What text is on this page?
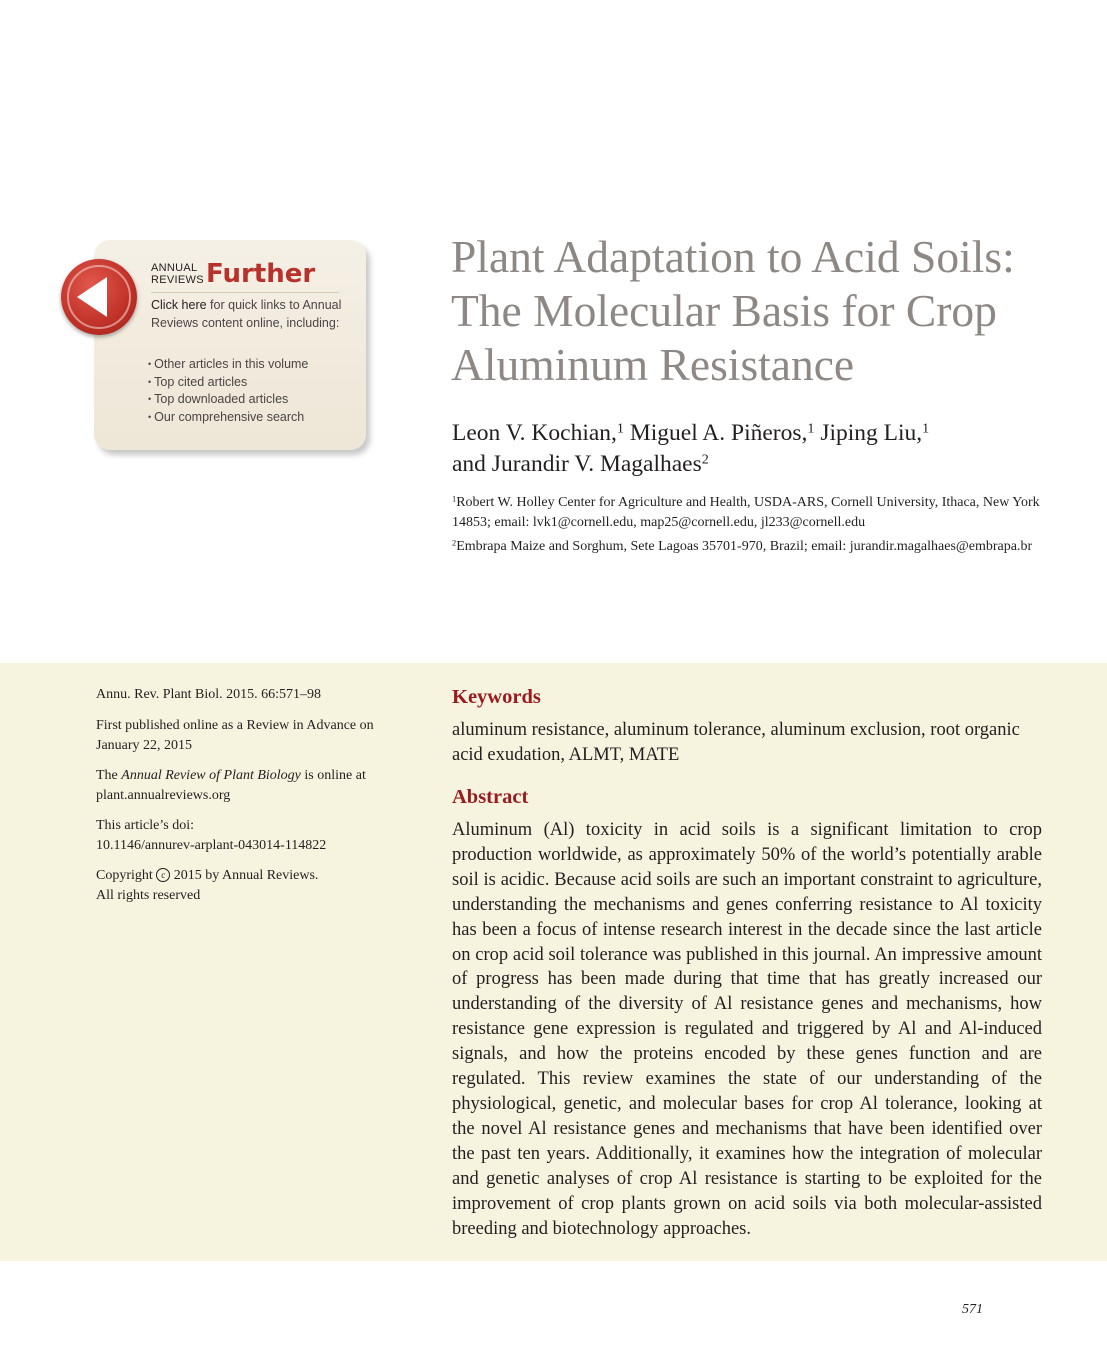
ANNUAL
REVIEWS Further
Click here for quick links to Annual Reviews content online, including:
• Other articles in this volume
• Top cited articles
• Top downloaded articles
• Our comprehensive search
Plant Adaptation to Acid Soils: The Molecular Basis for Crop Aluminum Resistance
Leon V. Kochian,$^1$ Miguel A. Piñeros,$^1$ Jiping Liu,$^1$
and Jurandir V. Magalhaes$^2$
$^1$Robert W. Holley Center for Agriculture and Health, USDA-ARS, Cornell University, Ithaca, New York 14853; email: lvk1@cornell.edu, map25@cornell.edu, jl233@cornell.edu
$^2$Embrapa Maize and Sorghum, Sete Lagoas 35701-970, Brazil; email: jurandir.magalhaes@embrapa.br
Annu. Rev. Plant Biol. 2015. 66:571–98
First published online as a Review in Advance on January 22, 2015
The Annual Review of Plant Biology is online at plant.annualreviews.org
This article’s doi:
10.1146/annurev-arplant-043014-114822
Copyright c 2015 by Annual Reviews.
All rights reserved
Keywords
aluminum resistance, aluminum tolerance, aluminum exclusion, root organic acid exudation, ALMT, MATE
Abstract
Aluminum (Al) toxicity in acid soils is a significant limitation to crop production worldwide, as approximately 50% of the world’s potentially arable soil is acidic. Because acid soils are such an important constraint to agriculture, understanding the mechanisms and genes conferring resistance to Al toxicity has been a focus of intense research interest in the decade since the last article on crop acid soil tolerance was published in this journal. An impressive amount of progress has been made during that time that has greatly increased our understanding of the diversity of Al resistance genes and mechanisms, how resistance gene expression is regulated and triggered by Al and Al-induced signals, and how the proteins encoded by these genes function and are regulated. This review examines the state of our understanding of the physiological, genetic, and molecular bases for crop Al tolerance, looking at the novel Al resistance genes and mechanisms that have been identified over the past ten years. Additionally, it examines how the integration of molecular and genetic analyses of crop Al resistance is starting to be exploited for the improvement of crop plants grown on acid soils via both molecular-assisted breeding and biotechnology approaches.
571
